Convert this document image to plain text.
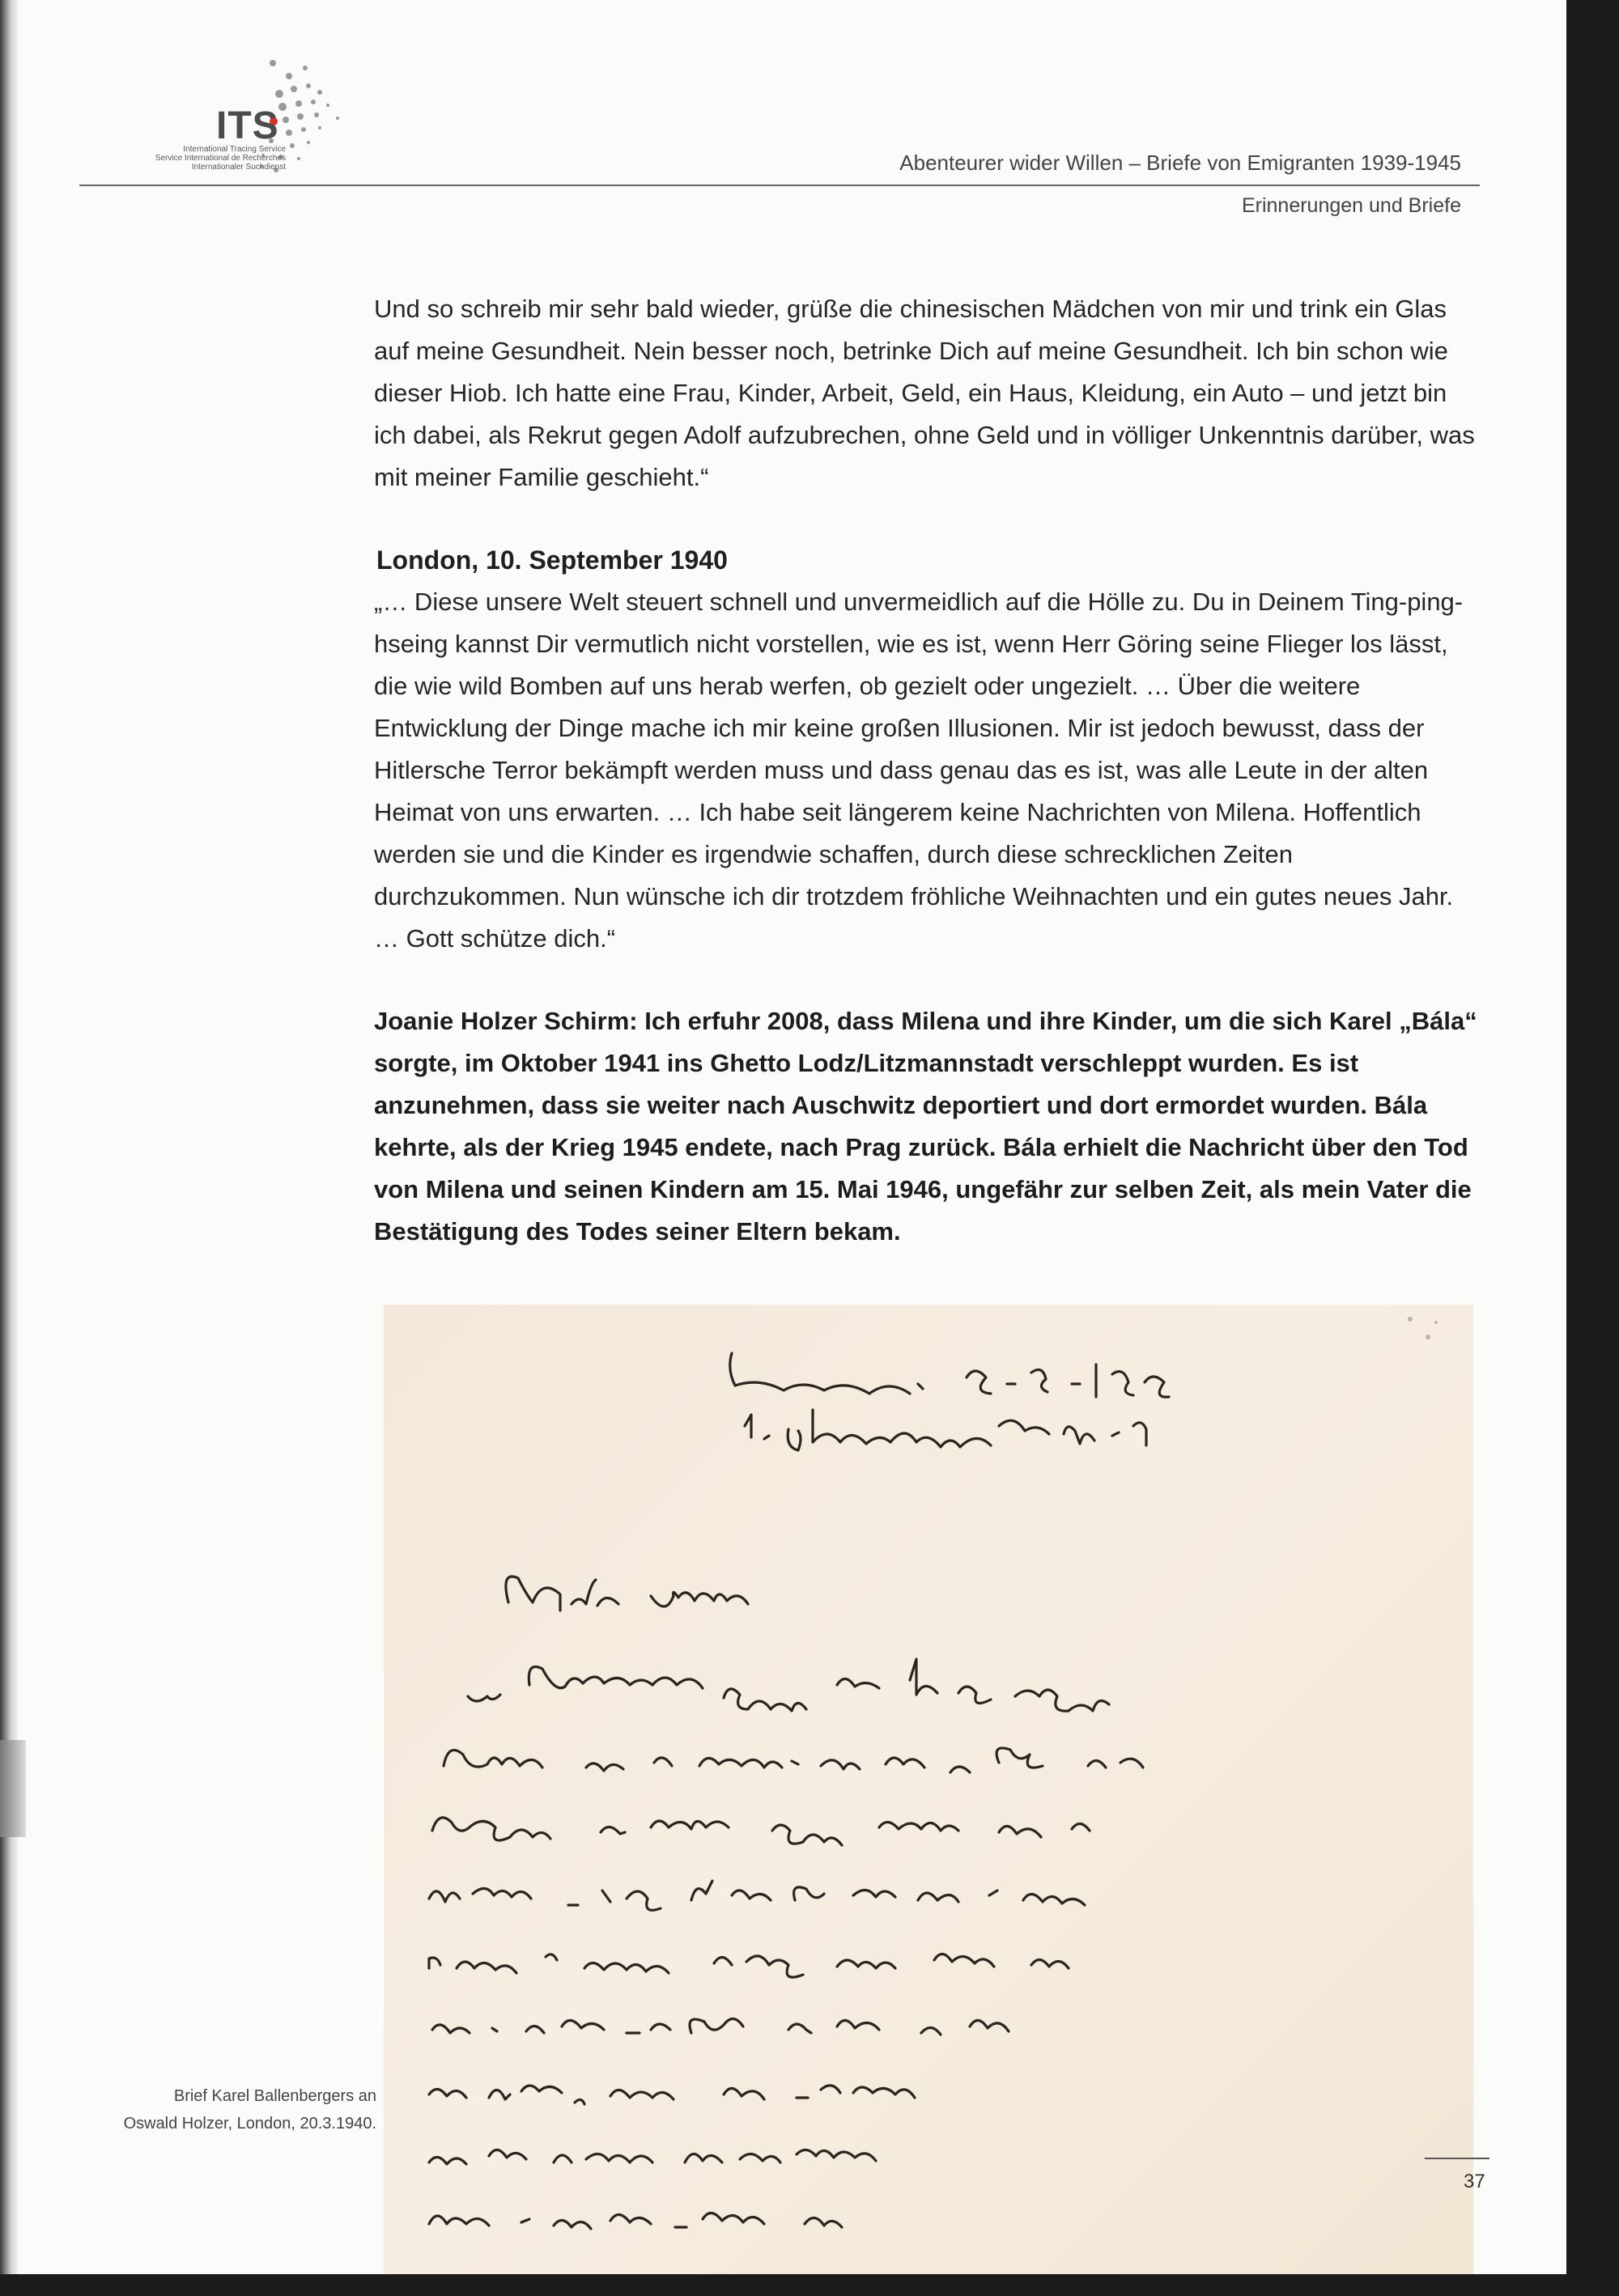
ITS
International Tracing Service
Service International de Recherches
Internationaler Suchdienst	Abenteurer wider Willen – Briefe von Emigranten 1939-1945
Erinnerungen und Briefe

Und so schreib mir sehr bald wieder, grüße die chinesischen Mädchen von mir und trink ein Glas auf meine Gesundheit. Nein besser noch, betrinke Dich auf meine Gesundheit. Ich bin schon wie dieser Hiob. Ich hatte eine Frau, Kinder, Arbeit, Geld, ein Haus, Kleidung, ein Auto – und jetzt bin ich dabei, als Rekrut gegen Adolf aufzubrechen, ohne Geld und in völliger Unkenntnis darüber, was mit meiner Familie geschieht.“

London, 10. September 1940

„… Diese unsere Welt steuert schnell und unvermeidlich auf die Hölle zu. Du in Deinem Ting-ping-hseing kannst Dir vermutlich nicht vorstellen, wie es ist, wenn Herr Göring seine Flieger los lässt, die wie wild Bomben auf uns herab werfen, ob gezielt oder ungezielt. … Über die weitere Entwicklung der Dinge mache ich mir keine großen Illusionen. Mir ist jedoch bewusst, dass der Hitlersche Terror bekämpft werden muss und dass genau das es ist, was alle Leute in der alten Heimat von uns erwarten. … Ich habe seit längerem keine Nachrichten von Milena. Hoffentlich werden sie und die Kinder es irgendwie schaffen, durch diese schrecklichen Zeiten durchzukommen. Nun wünsche ich dir trotzdem fröhliche Weihnachten und ein gutes neues Jahr. … Gott schütze dich.“

Joanie Holzer Schirm: Ich erfuhr 2008, dass Milena und ihre Kinder, um die sich Karel „Bála“ sorgte, im Oktober 1941 ins Ghetto Lodz/Litzmannstadt verschleppt wurden. Es ist anzunehmen, dass sie weiter nach Auschwitz deportiert und dort ermordet wurden. Bála kehrte, als der Krieg 1945 endete, nach Prag zurück. Bála erhielt die Nachricht über den Tod von Milena und seinen Kindern am 15. Mai 1946, ungefähr zur selben Zeit, als mein Vater die Bestätigung des Todes seiner Eltern bekam.

Brief Karel Ballenbergers an
Oswald Holzer, London, 20.3.1940.
37
